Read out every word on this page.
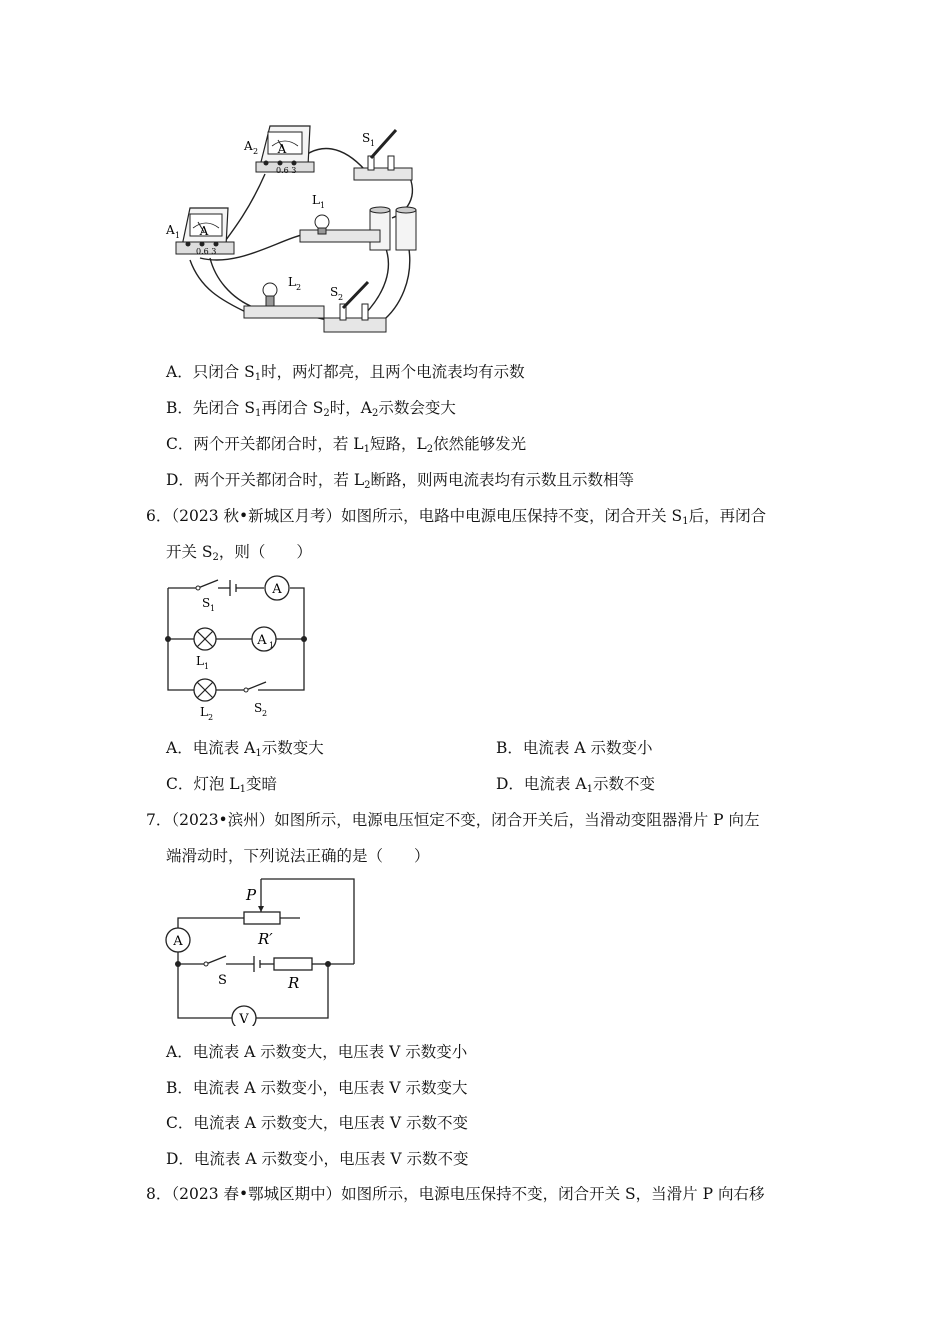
A
0.6 3
A 2
A
0.6 3
A 1
S 1
L 1
L 2 S 2
A．只闭合 $S_1$时，两灯都亮，且两个电流表均有示数
B．先闭合 $S_1$再闭合 $S_2$时，$A_2$示数会变大
C．两个开关都闭合时，若 $L_1$短路，$L_2$依然能够发光
D．两个开关都闭合时，若 $L_2$断路，则两电流表均有示数且示数相等
6．（2023 秋•新城区月考）如图所示，电路中电源电压保持不变，闭合开关 $S_1$后，再闭合
开关 $S_2$，则（　　）
A
A 1
S 1
L 1
L 2
S 2
A．电流表 $A_1$示数变大	B．电流表 A 示数变小
C．灯泡 $L_1$变暗	D．电流表 $A_1$示数不变
7．（2023•滨州）如图所示，电源电压恒定不变，闭合开关后，当滑动变阻器滑片 P 向左
端滑动时，下列说法正确的是（　　）
A
V
P
R′
R
S
A．电流表 A 示数变大，电压表 V 示数变小
B．电流表 A 示数变小，电压表 V 示数变大
C．电流表 A 示数变大，电压表 V 示数不变
D．电流表 A 示数变小，电压表 V 示数不变
8．（2023 春•鄂城区期中）如图所示，电源电压保持不变，闭合开关 S，当滑片 P 向右移
